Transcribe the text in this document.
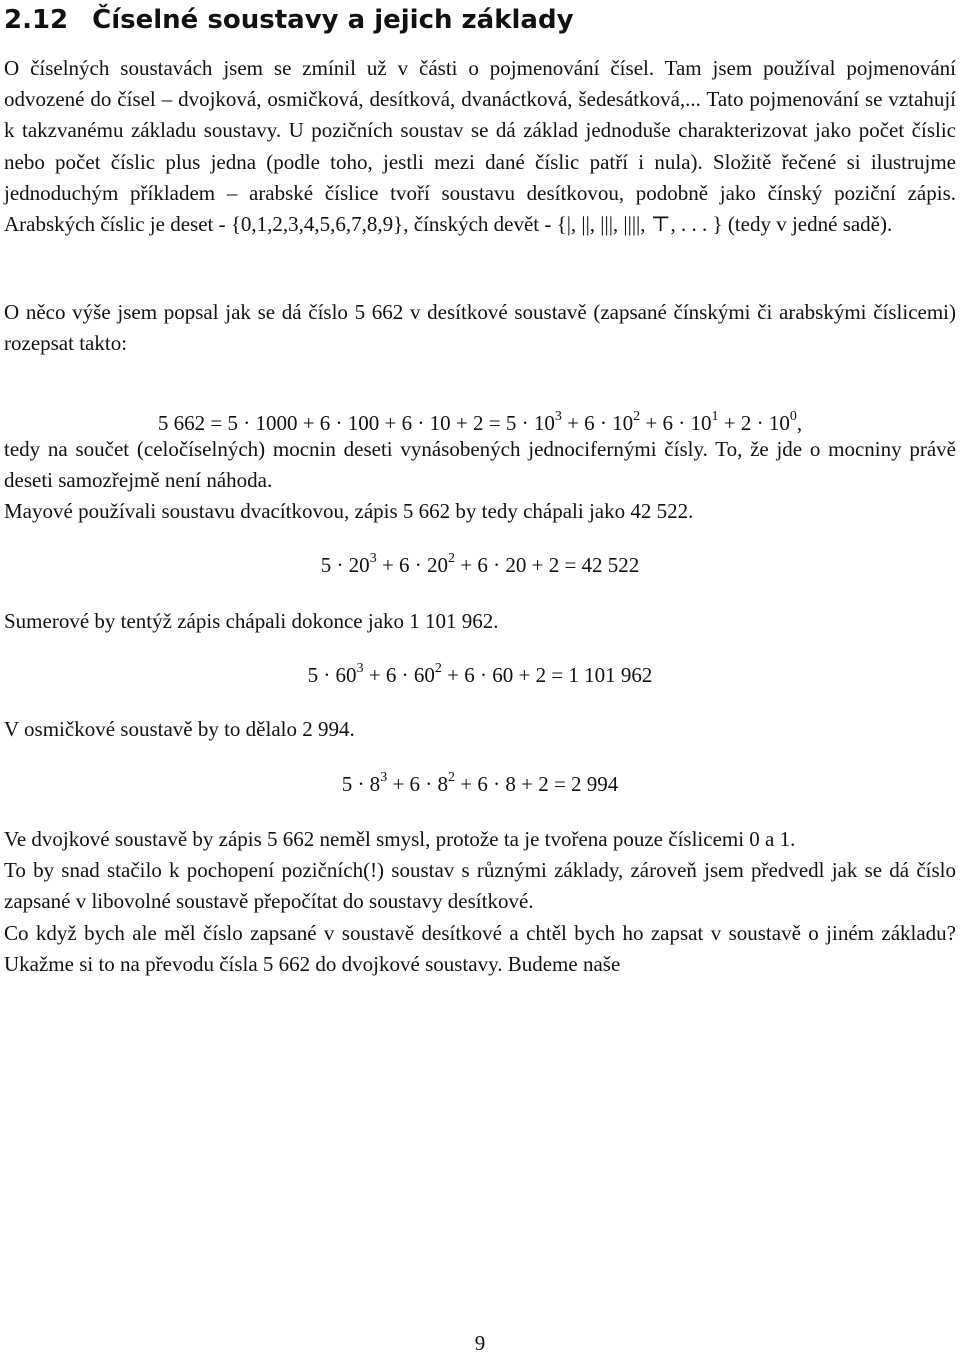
2.12 Číselné soustavy a jejich základy

O číselných soustavách jsem se zmínil už v části o pojmenování čísel. Tam jsem používal pojmenování odvozené do čísel – dvojková, osmičková, desítková, dvanáctková, šedesátková,... Tato pojmenování se vztahují k takzvanému základu soustavy. U pozičních soustav se dá základ jednoduše charakterizovat jako počet číslic nebo počet číslic plus jedna (podle toho, jestli mezi dané číslic patří i nula). Složitě řečené si ilustrujme jednoduchým příkladem – arabské číslice tvoří soustavu desítkovou, podobně jako čínský poziční zápis. Arabských číslic je deset - {0,1,2,3,4,5,6,7,8,9}, čínských devět - {|, ||, |||, ||||, ⊤, . . . } (tedy v jedné sadě).

O něco výše jsem popsal jak se dá číslo 5 662 v desítkové soustavě (zapsané čínskými či arabskými číslicemi) rozepsat takto:

5 $662 = 5 \cdot 1000 + 6 \cdot 100 + 6 \cdot 10 + 2 = 5 \cdot 10^3 + 6 \cdot 10^2 + 6 \cdot 10^1 + 2 \cdot 10^0$,

tedy na součet (celočíselných) mocnin deseti vynásobených jednocifernými čísly. To, že jde o mocniny právě deseti samozřejmě není náhoda.

Mayové používali soustavu dvacítkovou, zápis 5 662 by tedy chápali jako 42 522.

$5 \cdot 20^3 + 6 \cdot 20^2 + 6 \cdot 20 + 2 = 42$ 522

Sumerové by tentýž zápis chápali dokonce jako 1 101 962.

$5 \cdot 60^3 + 6 \cdot 60^2 + 6 \cdot 60 + 2 = 1$ 101 962

V osmičkové soustavě by to dělalo 2 994.

$5 \cdot 8^3 + 6 \cdot 8^2 + 6 \cdot 8 + 2 = 2$ 994

Ve dvojkové soustavě by zápis 5 662 neměl smysl, protože ta je tvořena pouze číslicemi 0 a 1.
To by snad stačilo k pochopení pozičních(!) soustav s různými základy, zároveň jsem předvedl jak se dá číslo zapsané v libovolné soustavě přepočítat do soustavy desítkové.
Co když bych ale měl číslo zapsané v soustavě desítkové a chtěl bych ho zapsat v soustavě o jiném základu? Ukažme si to na převodu čísla 5 662 do dvojkové soustavy. Budeme naše

9
